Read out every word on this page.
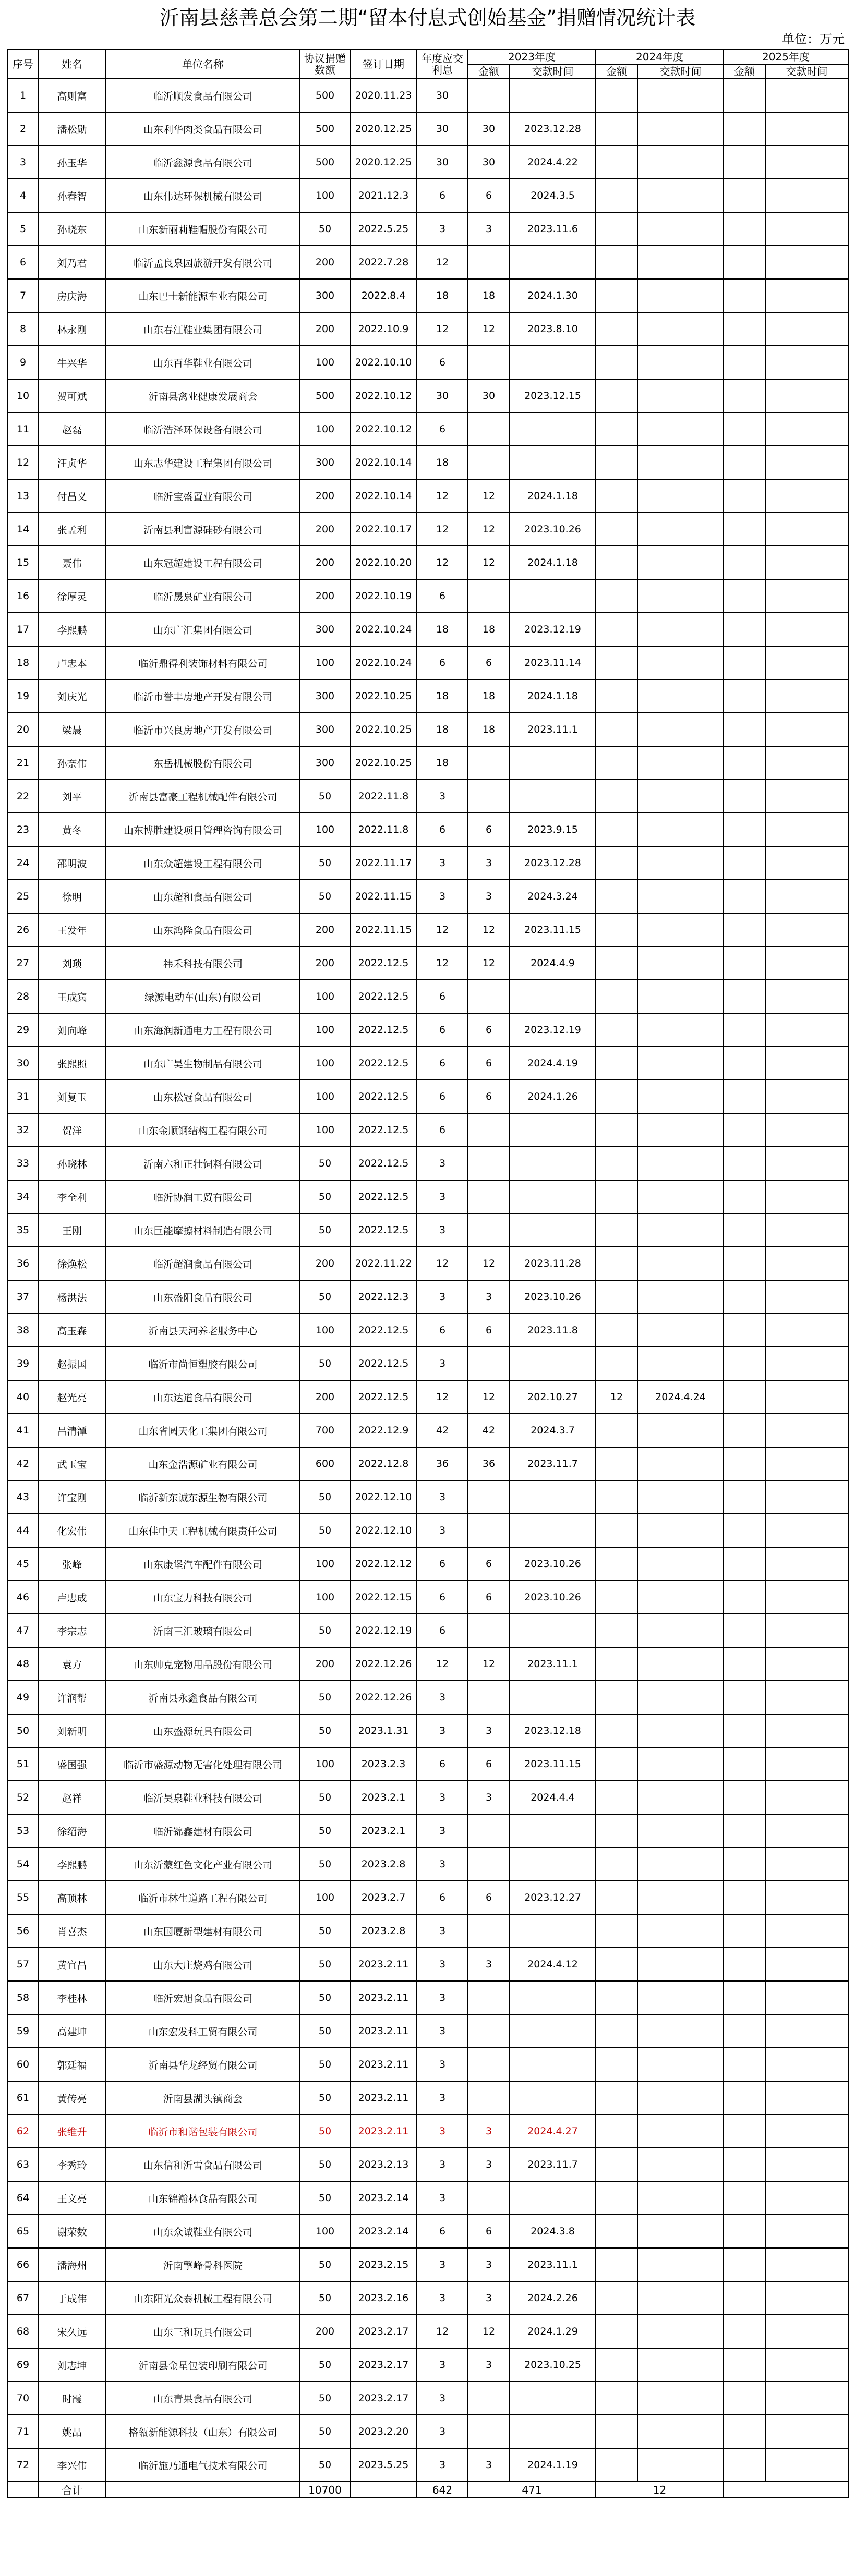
沂南县慈善总会第二期“留本付息式创始基金”捐赠情况统计表
单位：万元
序号	姓名	单位名称	协议捐赠数额	签订日期	年度应交利息	2023年度		2024年度		2025年度	
						金额	交款时间	金额	交款时间	金额	交款时间
1	高则富	临沂顺发食品有限公司	500	2020.11.23	30						
2	潘松勋	山东利华肉类食品有限公司	500	2020.12.25	30	30	2023.12.28				
3	孙玉华	临沂鑫源食品有限公司	500	2020.12.25	30	30	2024.4.22				
4	孙春智	山东伟达环保机械有限公司	100	2021.12.3	6	6	2024.3.5				
5	孙晓东	山东新丽莉鞋帽股份有限公司	50	2022.5.25	3	3	2023.11.6				
6	刘乃君	临沂孟良泉园旅游开发有限公司	200	2022.7.28	12						
7	房庆海	山东巴士新能源车业有限公司	300	2022.8.4	18	18	2024.1.30				
8	林永刚	山东春江鞋业集团有限公司	200	2022.10.9	12	12	2023.8.10				
9	牛兴华	山东百华鞋业有限公司	100	2022.10.10	6						
10	贺可斌	沂南县禽业健康发展商会	500	2022.10.12	30	30	2023.12.15				
11	赵磊	临沂浩泽环保设备有限公司	100	2022.10.12	6						
12	汪贞华	山东志华建设工程集团有限公司	300	2022.10.14	18						
13	付昌义	临沂宝盛置业有限公司	200	2022.10.14	12	12	2024.1.18				
14	张孟利	沂南县利富源硅砂有限公司	200	2022.10.17	12	12	2023.10.26				
15	聂伟	山东冠超建设工程有限公司	200	2022.10.20	12	12	2024.1.18				
16	徐厚灵	临沂晟泉矿业有限公司	200	2022.10.19	6						
17	李熙鹏	山东广汇集团有限公司	300	2022.10.24	18	18	2023.12.19				
18	卢忠本	临沂鼎得利装饰材料有限公司	100	2022.10.24	6	6	2023.11.14				
19	刘庆光	临沂市誉丰房地产开发有限公司	300	2022.10.25	18	18	2024.1.18				
20	梁晨	临沂市兴良房地产开发有限公司	300	2022.10.25	18	18	2023.11.1				
21	孙奈伟	东岳机械股份有限公司	300	2022.10.25	18						
22	刘平	沂南县富豪工程机械配件有限公司	50	2022.11.8	3						
23	黄冬	山东博胜建设项目管理咨询有限公司	100	2022.11.8	6	6	2023.9.15				
24	邵明波	山东众超建设工程有限公司	50	2022.11.17	3	3	2023.12.28				
25	徐明	山东超和食品有限公司	50	2022.11.15	3	3	2024.3.24				
26	王发年	山东鸿隆食品有限公司	200	2022.11.15	12	12	2023.11.15				
27	刘琐	祎禾科技有限公司	200	2022.12.5	12	12	2024.4.9				
28	王成宾	绿源电动车(山东)有限公司	100	2022.12.5	6						
29	刘向峰	山东海润新通电力工程有限公司	100	2022.12.5	6	6	2023.12.19				
30	张熙照	山东广昊生物制品有限公司	100	2022.12.5	6	6	2024.4.19				
31	刘复玉	山东松冠食品有限公司	100	2022.12.5	6	6	2024.1.26				
32	贺洋	山东金顺钢结构工程有限公司	100	2022.12.5	6						
33	孙晓林	沂南六和正壮饲料有限公司	50	2022.12.5	3						
34	李全利	临沂协润工贸有限公司	50	2022.12.5	3						
35	王刚	山东巨能摩擦材料制造有限公司	50	2022.12.5	3						
36	徐焕松	临沂超润食品有限公司	200	2022.11.22	12	12	2023.11.28				
37	杨洪法	山东盛阳食品有限公司	50	2022.12.3	3	3	2023.10.26				
38	高玉森	沂南县天河养老服务中心	100	2022.12.5	6	6	2023.11.8				
39	赵振国	临沂市尚恒塑胶有限公司	50	2022.12.5	3						
40	赵光亮	山东达道食品有限公司	200	2022.12.5	12	12	202.10.27	12	2024.4.24		
41	吕清潭	山东省圆天化工集团有限公司	700	2022.12.9	42	42	2024.3.7				
42	武玉宝	山东金浩源矿业有限公司	600	2022.12.8	36	36	2023.11.7				
43	许宝刚	临沂新东诚东源生物有限公司	50	2022.12.10	3						
44	化宏伟	山东佳中天工程机械有限责任公司	50	2022.12.10	3						
45	张峰	山东康堡汽车配件有限公司	100	2022.12.12	6	6	2023.10.26				
46	卢忠成	山东宝力科技有限公司	100	2022.12.15	6	6	2023.10.26				
47	李宗志	沂南三汇玻璃有限公司	50	2022.12.19	6						
48	袁方	山东帅克宠物用品股份有限公司	200	2022.12.26	12	12	2023.11.1				
49	许润帮	沂南县永鑫食品有限公司	50	2022.12.26	3						
50	刘新明	山东盛源玩具有限公司	50	2023.1.31	3	3	2023.12.18				
51	盛国强	临沂市盛源动物无害化处理有限公司	100	2023.2.3	6	6	2023.11.15				
52	赵祥	临沂昊泉鞋业科技有限公司	50	2023.2.1	3	3	2024.4.4				
53	徐绍海	临沂锦鑫建材有限公司	50	2023.2.1	3						
54	李熙鹏	山东沂蒙红色文化产业有限公司	50	2023.2.8	3						
55	高顶林	临沂市林生道路工程有限公司	100	2023.2.7	6	6	2023.12.27				
56	肖喜杰	山东国厦新型建材有限公司	50	2023.2.8	3						
57	黄宜昌	山东大庄烧鸡有限公司	50	2023.2.11	3	3	2024.4.12				
58	李桂林	临沂宏旭食品有限公司	50	2023.2.11	3						
59	高建坤	山东宏发科工贸有限公司	50	2023.2.11	3						
60	郭廷福	沂南县华龙经贸有限公司	50	2023.2.11	3						
61	黄传亮	沂南县湖头镇商会	50	2023.2.11	3						
62	张维升	临沂市和谐包装有限公司	50	2023.2.11	3	3	2024.4.27				
63	李秀玲	山东信和沂雪食品有限公司	50	2023.2.13	3	3	2023.11.7				
64	王文亮	山东锦瀚林食品有限公司	50	2023.2.14	3						
65	谢荣数	山东众诚鞋业有限公司	100	2023.2.14	6	6	2024.3.8				
66	潘海州	沂南擎峰骨科医院	50	2023.2.15	3	3	2023.11.1				
67	于成伟	山东阳光众泰机械工程有限公司	50	2023.2.16	3	3	2024.2.26				
68	宋久远	山东三和玩具有限公司	200	2023.2.17	12	12	2024.1.29				
69	刘志坤	沂南县金星包装印刷有限公司	50	2023.2.17	3	3	2023.10.25				
70	时霞	山东青果食品有限公司	50	2023.2.17	3						
71	姚品	格瓴新能源科技（山东）有限公司	50	2023.2.20	3						
72	李兴伟	临沂施乃通电气技术有限公司	50	2023.5.25	3	3	2024.1.19				
	合计		10700		642	471		12			
